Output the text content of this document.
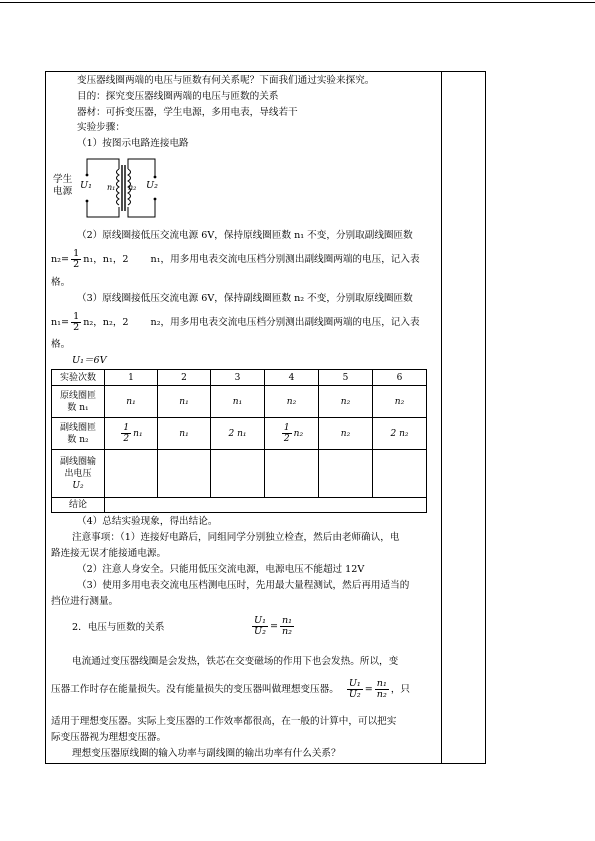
变压器线圈两端的电压与匝数有何关系呢？下面我们通过实验来探究。
目的：探究变压器线圈两端的电压与匝数的关系
器材：可拆变压器，学生电源，多用电表，导线若干
实验步骤：
（1）按图示电路连接电路
学生
电源
U₁ n₁ n₂ U₂
（2）原线圈接低压交流电源 6V，保持原线圈匝数 n₁ 不变，分别取副线圈匝数
$n_2= \frac{1}{2} n_1$，n₁，2 n₁，用多用电表交流电压档分别测出副线圈两端的电压，记入表
格。
（3）原线圈接低压交流电源 6V，保持副线圈匝数 n₂ 不变，分别取原线圈匝数
$n_1= \frac{1}{2} n_2$，n₂，2 n₂，用多用电表交流电压档分别测出副线圈两端的电压，记入表
格。
U₁＝6V
实验次数	1	2	3	4	5	6
原线圈匝
数 n₁	n₁	n₁	n₁	n₂	n₂	n₂
副线圈匝
数 n₂	$\frac{1}{2} n_1$	n₁	2 n₁	$\frac{1}{2} n_2$	n₂	2 n₂
副线圈输
出电压
U₂						
结论						
（4）总结实验现象，得出结论。
注意事项：（1）连接好电路后，同组同学分别独立检查，然后由老师确认，电
路连接无误才能接通电源。
（2）注意人身安全。只能用低压交流电源，电源电压不能超过 12V
（3）使用多用电表交流电压档测电压时，先用最大量程测试，然后再用适当的
挡位进行测量。
2．电压与匝数的关系	$\frac{\text{U₁}}{\text{U₂}} = \frac{\text{n₁}}{\text{n₂}}$
电流通过变压器线圈是会发热，铁芯在交变磁场的作用下也会发热。所以，变
压器工作时存在能量损失。没有能量损失的变压器叫做理想变压器。 $\frac{\text{U₁}}{\text{U₂}} = \frac{\text{n₁}}{\text{n₂}}$ ，只
适用于理想变压器。实际上变压器的工作效率都很高，在一般的计算中，可以把实
际变压器视为理想变压器。
理想变压器原线圈的输入功率与副线圈的输出功率有什么关系？
